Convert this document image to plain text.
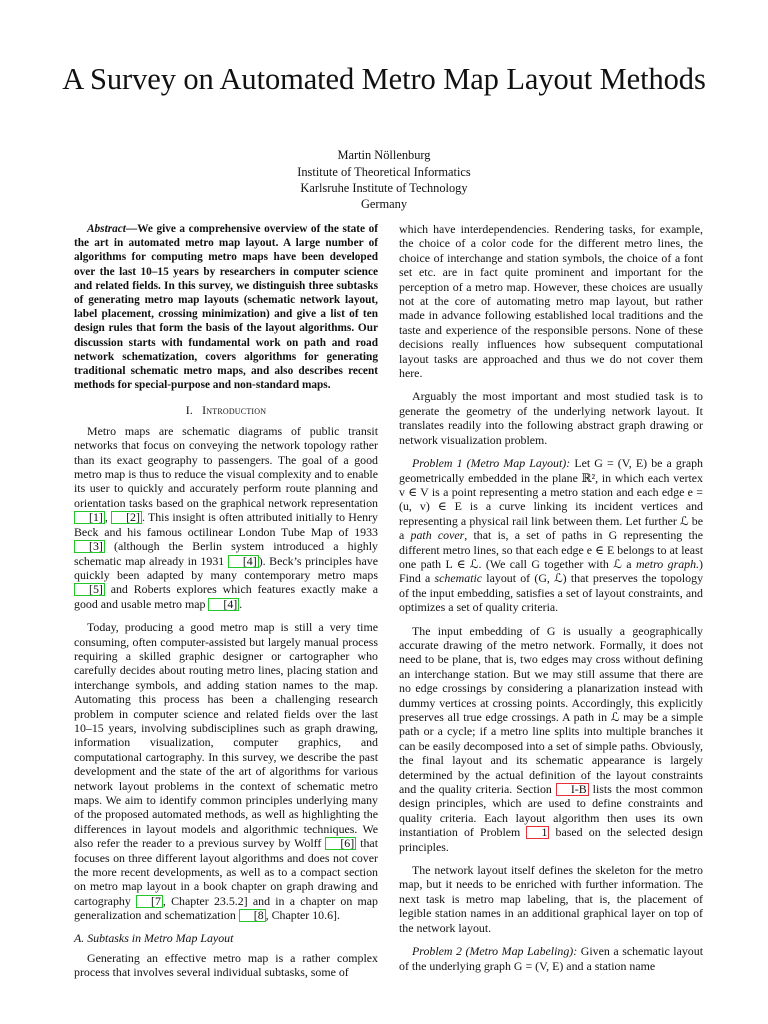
A Survey on Automated Metro Map Layout Methods
Martin Nöllenburg
Institute of Theoretical Informatics
Karlsruhe Institute of Technology
Germany

Abstract—We give a comprehensive overview of the state of the art in automated metro map layout. A large number of algorithms for computing metro maps have been developed over the last 10–15 years by researchers in computer science and related fields. In this survey, we distinguish three subtasks of generating metro map layouts (schematic network layout, label placement, crossing minimization) and give a list of ten design rules that form the basis of the layout algorithms. Our discussion starts with fundamental work on path and road network schematization, covers algorithms for generating traditional schematic metro maps, and also describes recent methods for special-purpose and non-standard maps.

I. Introduction

Metro maps are schematic diagrams of public transit networks that focus on conveying the network topology rather than its exact geography to passengers. The goal of a good metro map is thus to reduce the visual complexity and to enable its user to quickly and accurately perform route planning and orientation tasks based on the graphical network representation [1] , [2] . This insight is often attributed initially to Henry Beck and his famous octilinear London Tube Map of 1933 [3] (although the Berlin system introduced a highly schematic map already in 1931 [4] ). Beck’s principles have quickly been adapted by many contemporary metro maps [5] and Roberts explores which features exactly make a good and usable metro map [4] .

Today, producing a good metro map is still a very time consuming, often computer-assisted but largely manual process requiring a skilled graphic designer or cartographer who carefully decides about routing metro lines, placing station and interchange symbols, and adding station names to the map. Automating this process has been a challenging research problem in computer science and related fields over the last 10–15 years, involving subdisciplines such as graph drawing, information visualization, computer graphics, and computational cartography. In this survey, we describe the past development and the state of the art of algorithms for various network layout problems in the context of schematic metro maps. We aim to identify common principles underlying many of the proposed automated methods, as well as highlighting the differences in layout models and algorithmic techniques. We also refer the reader to a previous survey by Wolff [6] that focuses on three different layout algorithms and does not cover the more recent developments, as well as to a compact section on metro map layout in a book chapter on graph drawing and cartography [7 , Chapter 23.5.2] and in a chapter on map generalization and schematization [8 , Chapter 10.6].

A. Subtasks in Metro Map Layout

Generating an effective metro map is a rather complex process that involves several individual subtasks, some of

which have interdependencies. Rendering tasks, for example, the choice of a color code for the different metro lines, the choice of interchange and station symbols, the choice of a font set etc. are in fact quite prominent and important for the perception of a metro map. However, these choices are usually not at the core of automating metro map layout, but rather made in advance following established local traditions and the taste and experience of the responsible persons. None of these decisions really influences how subsequent computational layout tasks are approached and thus we do not cover them here.

Arguably the most important and most studied task is to generate the geometry of the underlying network layout. It translates readily into the following abstract graph drawing or network visualization problem.

Problem 1 (Metro Map Layout): Let G = (V, E) be a graph geometrically embedded in the plane ℝ², in which each vertex v ∈ V is a point representing a metro station and each edge e = (u, v) ∈ E is a curve linking its incident vertices and representing a physical rail link between them. Let further ℒ be a path cover, that is, a set of paths in G representing the different metro lines, so that each edge e ∈ E belongs to at least one path L ∈ ℒ. (We call G together with ℒ a metro graph.) Find a schematic layout of (G, ℒ) that preserves the topology of the input embedding, satisfies a set of layout constraints, and optimizes a set of quality criteria.

The input embedding of G is usually a geographically accurate drawing of the metro network. Formally, it does not need to be plane, that is, two edges may cross without defining an interchange station. But we may still assume that there are no edge crossings by considering a planarization instead with dummy vertices at crossing points. Accordingly, this explicitly preserves all true edge crossings. A path in ℒ may be a simple path or a cycle; if a metro line splits into multiple branches it can be easily decomposed into a set of simple paths. Obviously, the final layout and its schematic appearance is largely determined by the actual definition of the layout constraints and the quality criteria. Section I-B lists the most common design principles, which are used to define constraints and quality criteria. Each layout algorithm then uses its own instantiation of Problem 1 based on the selected design principles.

The network layout itself defines the skeleton for the metro map, but it needs to be enriched with further information. The next task is metro map labeling, that is, the placement of legible station names in an additional graphical layer on top of the network layout.

Problem 2 (Metro Map Labeling): Given a schematic layout of the underlying graph G = (V, E) and a station name
